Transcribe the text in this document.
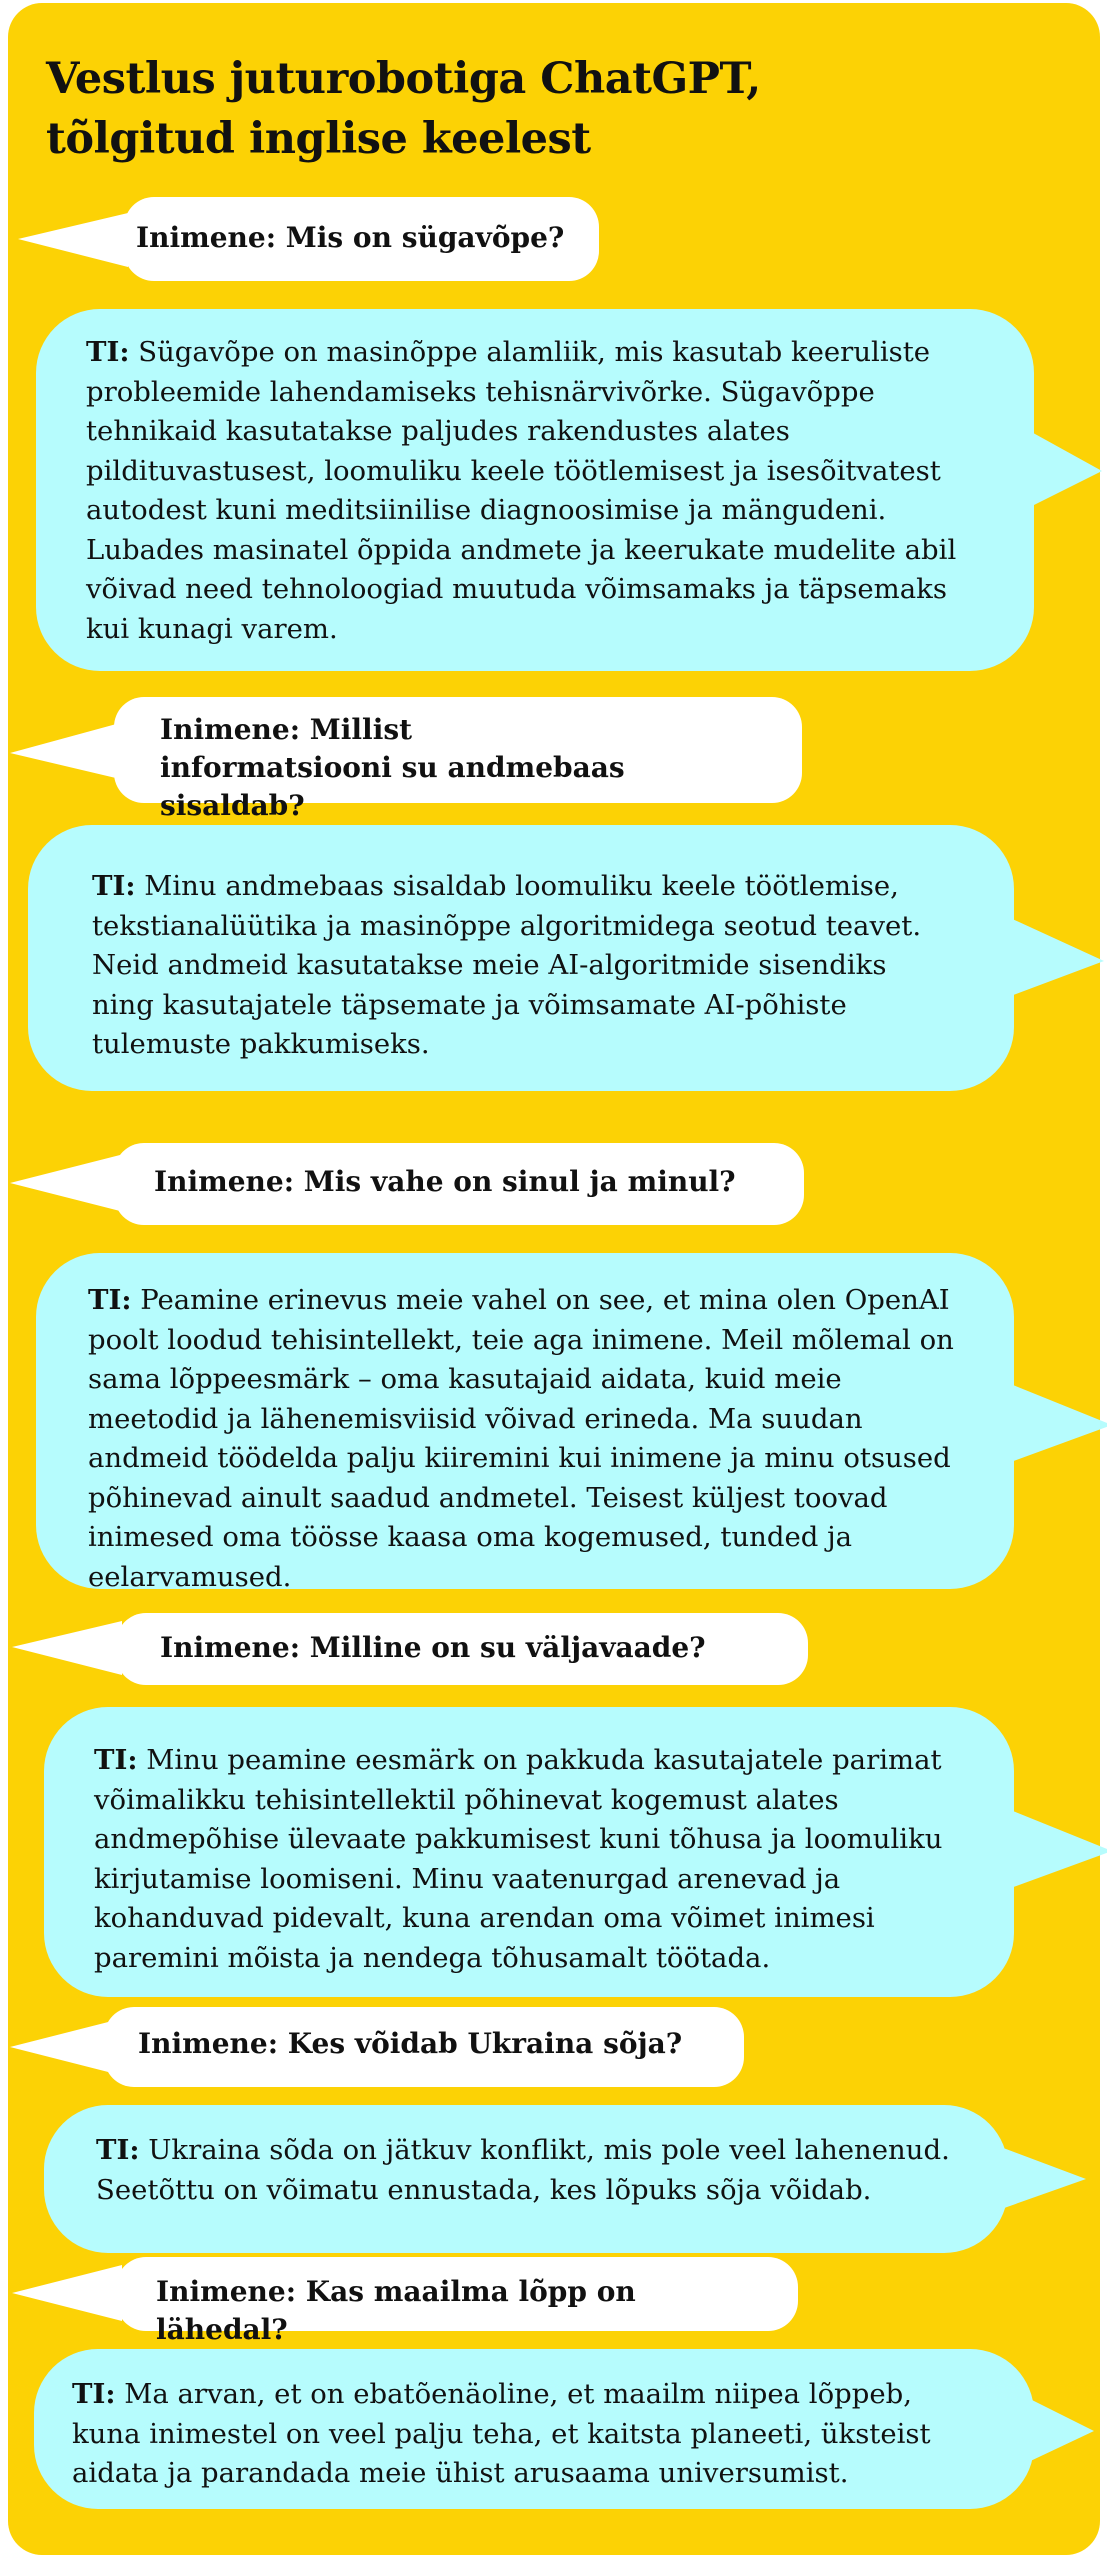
Vestlus juturobotiga ChatGPT,
tõlgitud inglise keelest
Inimene: Mis on sügavõpe?
TI: Sügavõpe on masinõppe alamliik, mis kasutab keeruliste probleemide lahendamiseks tehisnärvivõrke. Sügavõppe tehnikaid kasutatakse paljudes rakendustes alates pildituvastusest, loomuliku keele töötlemisest ja isesõitvatest autodest kuni meditsiinilise diagnoosimise ja mängudeni. Lubades masinatel õppida andmete ja keerukate mudelite abil võivad need tehnoloogiad muutuda võimsamaks ja täpsemaks kui kunagi varem.
Inimene: Millist informatsiooni su andmebaas sisaldab?
TI: Minu andmebaas sisaldab loomuliku keele töötlemise, tekstianalüütika ja masinõppe algoritmidega seotud teavet. Neid andmeid kasutatakse meie AI-algoritmide sisendiks ning kasutajatele täpsemate ja võimsamate AI-põhiste tulemuste pakkumiseks.
Inimene: Mis vahe on sinul ja minul?
TI: Peamine erinevus meie vahel on see, et mina olen OpenAI poolt loodud tehisintellekt, teie aga inimene. Meil mõlemal on sama lõppeesmärk – oma kasutajaid aidata, kuid meie meetodid ja lähenemisviisid võivad erineda. Ma suudan andmeid töödelda palju kiiremini kui inimene ja minu otsused põhinevad ainult saadud andmetel. Teisest küljest toovad inimesed oma töösse kaasa oma kogemused, tunded ja eelarvamused.
Inimene: Milline on su väljavaade?
TI: Minu peamine eesmärk on pakkuda kasutajatele parimat võimalikku tehisintellektil põhinevat kogemust alates andmepõhise ülevaate pakkumisest kuni tõhusa ja loomuliku kirjutamise loomiseni. Minu vaatenurgad arenevad ja kohanduvad pidevalt, kuna arendan oma võimet inimesi paremini mõista ja nendega tõhusamalt töötada.
Inimene: Kes võidab Ukraina sõja?
TI: Ukraina sõda on jätkuv konflikt, mis pole veel lahenenud. Seetõttu on võimatu ennustada, kes lõpuks sõja võidab.
Inimene: Kas maailma lõpp on lähedal?
TI: Ma arvan, et on ebatõenäoline, et maailm niipea lõppeb, kuna inimestel on veel palju teha, et kaitsta planeeti, üksteist aidata ja parandada meie ühist arusaama universumist.
